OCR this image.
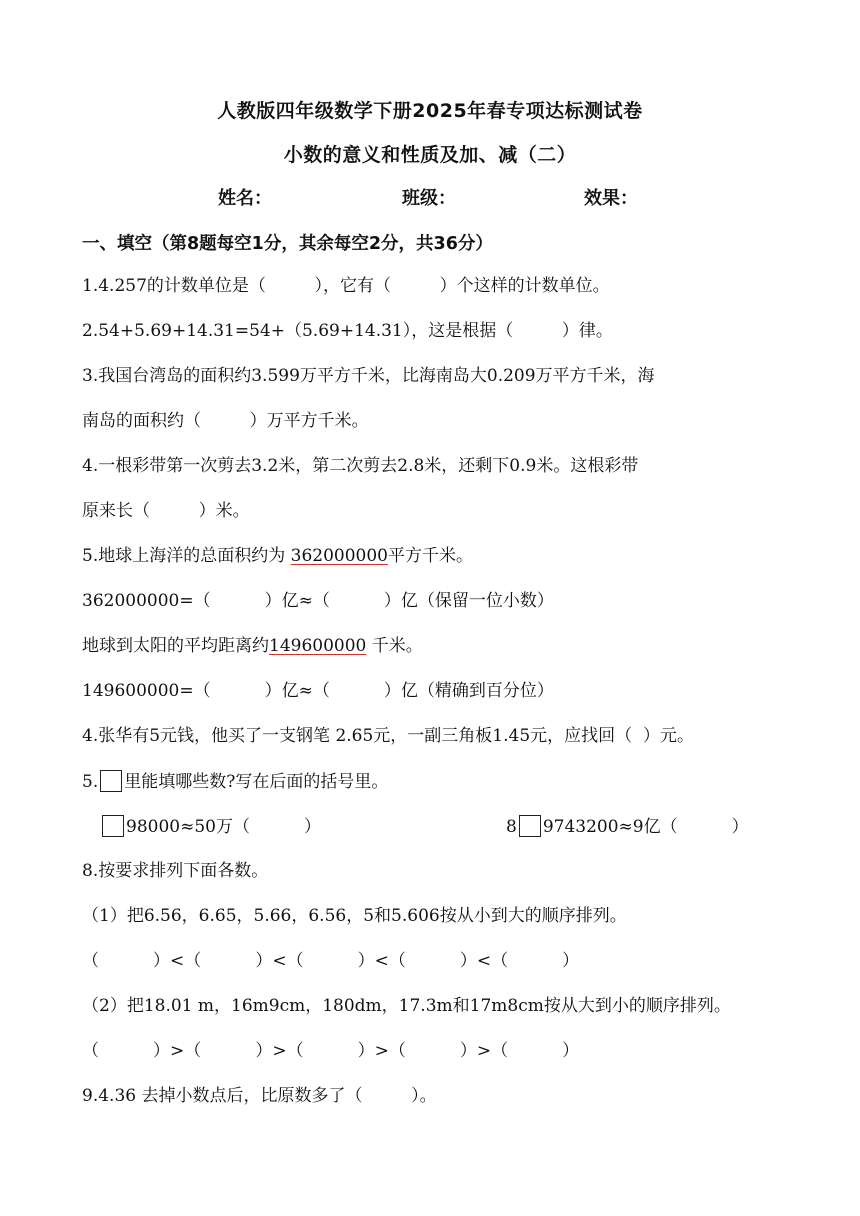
人教版四年级数学下册2025年春专项达标测试卷
小数的意义和性质及加、减（二）
姓名：	班级：	效果：
一、填空（第8题每空1分，其余每空2分，共36分）
1.4.257的计数单位是（         ），它有（         ）个这样的计数单位。
2.54+5.69+14.31=54+（5.69+14.31），这是根据（         ）律。
3.我国台湾岛的面积约3.599万平方千米，比海南岛大0.209万平方千米，海
南岛的面积约（         ）万平方千米。
4.一根彩带第一次剪去3.2米，第二次剪去2.8米，还剩下0.9米。这根彩带
原来长（         ）米。
5.地球上海洋的总面积约为 362000000平方千米。
362000000=（          ）亿≈（          ）亿（保留一位小数）
地球到太阳的平均距离约149600000 千米。
149600000=（          ）亿≈（          ）亿（精确到百分位）
4.张华有5元钱，他买了一支钢笔 2.65元，一副三角板1.45元，应找回（  ）元。
5. 里能填哪些数?写在后面的括号里。
98000≈50万（          ）	8 9743200≈9亿（          ）
8.按要求排列下面各数。
（1）把6.56，6.65，5.66，6.56，5和5.606按从小到大的顺序排列。
（          ）<（          ）<（          ）<（          ）<（          ）
（2）把18.01 m，16m9cm，180dm，17.3m和17m8cm按从大到小的顺序排列。
（          ）>（          ）>（          ）>（          ）>（          ）
9.4.36 去掉小数点后，比原数多了（         ）。
